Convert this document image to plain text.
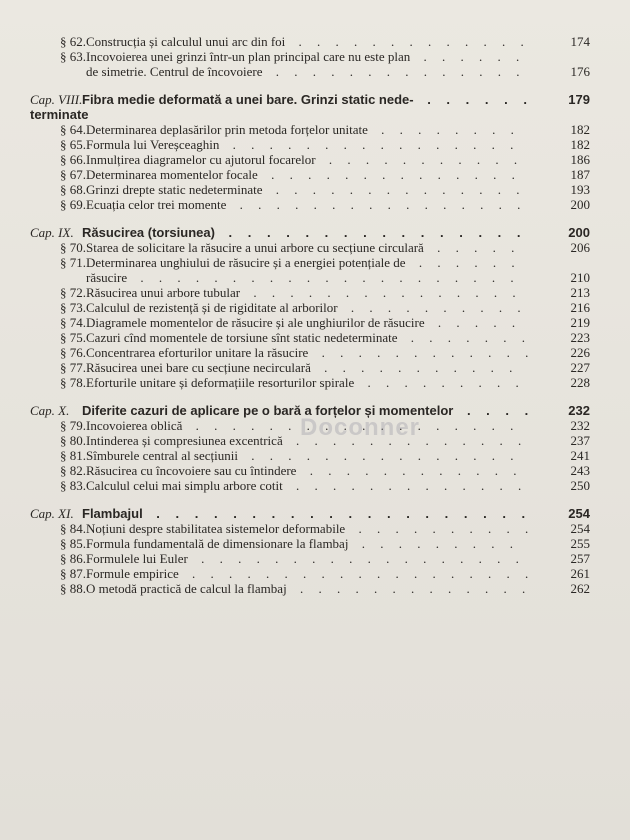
§ 62. Construcția și calculul unui arc din foi . . .	174
§ 63. Incovoierea unei grinzi într-un plan principal care nu este plan . . .
de simetrie. Centrul de încovoiere . . .	176
Cap. VIII. Fibra medie deformată a unei bare. Grinzi static nede- . . .	179
terminate
§ 64. Determinarea deplasărilor prin metoda forțelor unitate . . .	182
§ 65. Formula lui Vereșceaghin . . .	182
§ 66. Inmulțirea diagramelor cu ajutorul focarelor . . .	186
§ 67. Determinarea momentelor focale . . .	187
§ 68. Grinzi drepte static nedeterminate . . .	193
§ 69. Ecuația celor trei momente . . .	200
Cap. IX. Răsucirea (torsiunea) . . .	200
§ 70. Starea de solicitare la răsucire a unui arbore cu secțiune circulară . . .	206
§ 71. Determinarea unghiului de răsucire și a energiei potențiale de . . .
răsucire . . .	210
§ 72. Răsucirea unui arbore tubular . . .	213
§ 73. Calculul de rezistență și de rigiditate al arborilor . . .	216
§ 74. Diagramele momentelor de răsucire și ale unghiurilor de răsucire . . .	219
§ 75. Cazuri cînd momentele de torsiune sînt static nedeterminate . . .	223
§ 76. Concentrarea eforturilor unitare la răsucire . . .	226
§ 77. Răsucirea unei bare cu secțiune necirculară . . .	227
§ 78. Eforturile unitare și deformațiile resorturilor spirale . . .	228
Cap. X. Diferite cazuri de aplicare pe o bară a forțelor și momentelor . . .	232
§ 79. Incovoierea oblică . . .	232
§ 80. Intinderea și compresiunea excentrică . . .	237
§ 81. Sîmburele central al secțiunii . . .	241
§ 82. Răsucirea cu încovoiere sau cu întindere . . .	243
§ 83. Calculul celui mai simplu arbore cotit . . .	250
Cap. XI. Flambajul . . .	254
§ 84. Noțiuni despre stabilitatea sistemelor deformabile . . .	254
§ 85. Formula fundamentală de dimensionare la flambaj . . .	255
§ 86. Formulele lui Euler . . .	257
§ 87. Formule empirice . . .	261
§ 88. O metodă practică de calcul la flambaj . . .	262
Doconner
